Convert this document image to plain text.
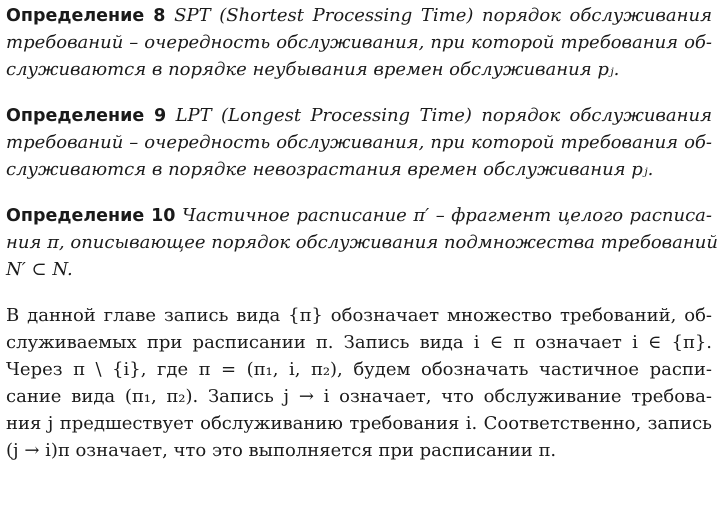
Определение 8 SPT (Shortest Processing Time) порядок обслуживания
требований – очередность обслуживания, при которой требования об-
служиваются в порядке неубывания времен обслуживания pⱼ.
Определение 9 LPT (Longest Processing Time) порядок обслуживания
требований – очередность обслуживания, при которой требования об-
служиваются в порядке невозрастания времен обслуживания pⱼ.
Определение 10 Частичное расписание π′ – фрагмент целого расписа-
ния π, описывающее порядок обслуживания подмножества требований
N′ ⊂ N.
В данной главе запись вида {π} обозначает множество требований, об-
служиваемых при расписании π. Запись вида i ∈ π означает i ∈ {π}.
Через π \ {i}, где π = (π₁, i, π₂), будем обозначать частичное распи-
сание вида (π₁, π₂). Запись j → i означает, что обслуживание требова-
ния j предшествует обслуживанию требования i. Соответственно, запись
(j → i)π означает, что это выполняется при расписании π.
